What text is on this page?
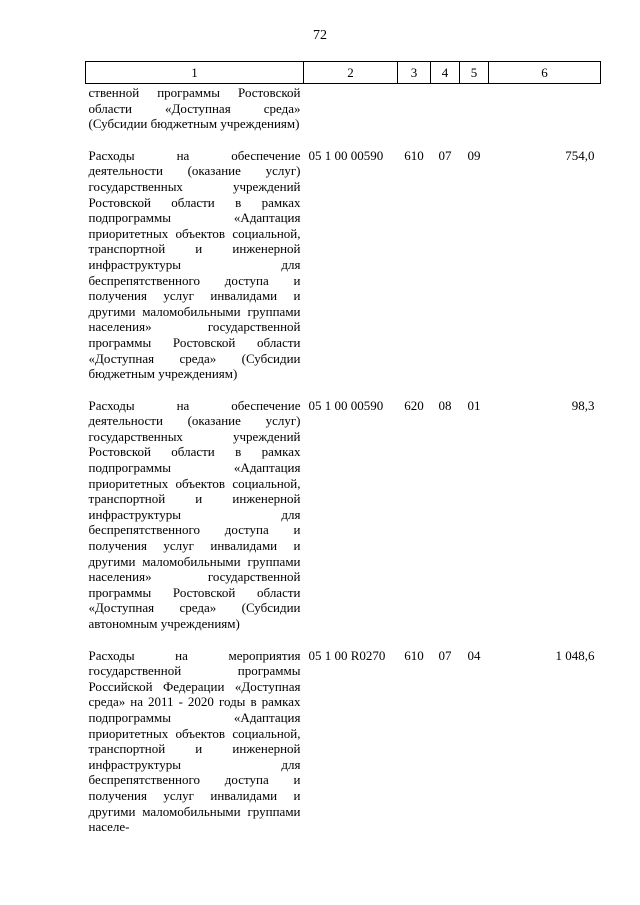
72
1	2	3	4	5	6
ственной программы Ростовской области «Доступная среда» (Субсидии бюджетным учреждениям)					
Расходы на обеспечение деятельности (оказание услуг) государственных учреждений Ростовской области в рамках подпрограммы «Адаптация приоритетных объектов социальной, транспортной и инженерной инфраструктуры для беспрепятственного доступа и получения услуг инвалидами и другими маломобильными группами населения» государственной программы Ростовской области «Доступная среда» (Субсидии бюджетным учреждениям)	05 1 00 00590	610	07	09	754,0
Расходы на обеспечение деятельности (оказание услуг) государственных учреждений Ростовской области в рамках подпрограммы «Адаптация приоритетных объектов социальной, транспортной и инженерной инфраструктуры для беспрепятственного доступа и получения услуг инвалидами и другими маломобильными группами населения» государственной программы Ростовской области «Доступная среда» (Субсидии автономным учреждениям)	05 1 00 00590	620	08	01	98,3
Расходы на мероприятия государственной программы Российской Федерации «Доступная среда» на 2011 - 2020 годы в рамках подпрограммы «Адаптация приоритетных объектов социальной, транспортной и инженерной инфраструктуры для беспрепятственного доступа и получения услуг инвалидами и другими маломобильными группами населе-	05 1 00 R0270	610	07	04	1 048,6
